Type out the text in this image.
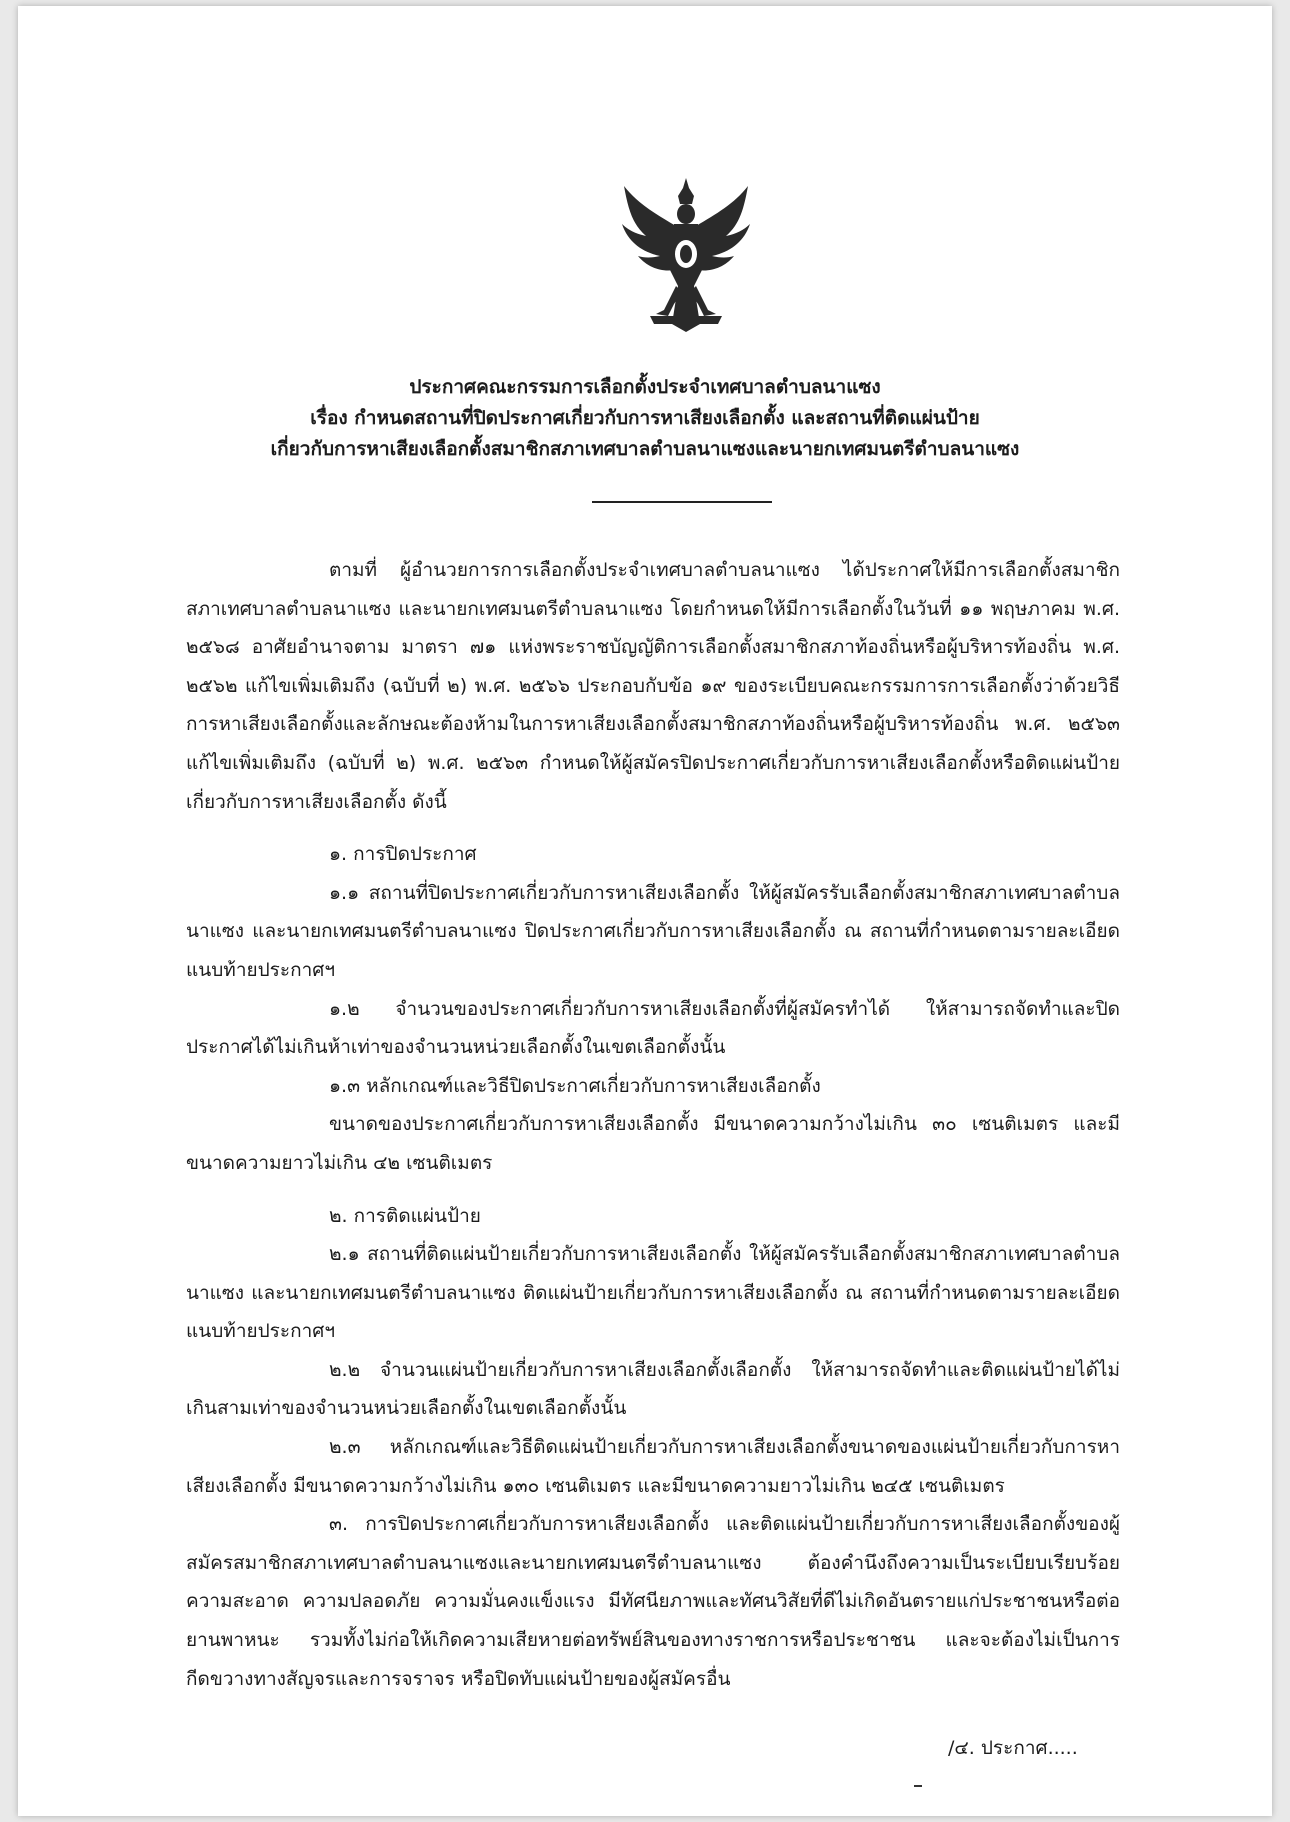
ประกาศคณะกรรมการเลือกตั้งประจำเทศบาลตำบลนาแซง
เรื่อง กำหนดสถานที่ปิดประกาศเกี่ยวกับการหาเสียงเลือกตั้ง และสถานที่ติดแผ่นป้าย
เกี่ยวกับการหาเสียงเลือกตั้งสมาชิกสภาเทศบาลตำบลนาแซงและนายกเทศมนตรีตำบลนาแซง

ตามที่ ผู้อำนวยการการเลือกตั้งประจำเทศบาลตำบลนาแซง ได้ประกาศให้มีการเลือกตั้งสมาชิกสภาเทศบาลตำบลนาแซง และนายกเทศมนตรีตำบลนาแซง โดยกำหนดให้มีการเลือกตั้งในวันที่ ๑๑ พฤษภาคม พ.ศ. ๒๕๖๘ อาศัยอำนาจตาม มาตรา ๗๑ แห่งพระราชบัญญัติการเลือกตั้งสมาชิกสภาท้องถิ่นหรือผู้บริหารท้องถิ่น พ.ศ. ๒๕๖๒ แก้ไขเพิ่มเติมถึง (ฉบับที่ ๒) พ.ศ. ๒๕๖๖ ประกอบกับข้อ ๑๙ ของระเบียบคณะกรรมการการเลือกตั้งว่าด้วยวิธีการหาเสียงเลือกตั้งและลักษณะต้องห้ามในการหาเสียงเลือกตั้งสมาชิกสภาท้องถิ่นหรือผู้บริหารท้องถิ่น พ.ศ. ๒๕๖๓ แก้ไขเพิ่มเติมถึง (ฉบับที่ ๒) พ.ศ. ๒๕๖๓ กำหนดให้ผู้สมัครปิดประกาศเกี่ยวกับการหาเสียงเลือกตั้งหรือติดแผ่นป้ายเกี่ยวกับการหาเสียงเลือกตั้ง ดังนี้

๑. การปิดประกาศ

๑.๑ สถานที่ปิดประกาศเกี่ยวกับการหาเสียงเลือกตั้ง ให้ผู้สมัครรับเลือกตั้งสมาชิกสภาเทศบาลตำบลนาแซง และนายกเทศมนตรีตำบลนาแซง ปิดประกาศเกี่ยวกับการหาเสียงเลือกตั้ง ณ สถานที่กำหนดตามรายละเอียด แนบท้ายประกาศฯ

๑.๒ จำนวนของประกาศเกี่ยวกับการหาเสียงเลือกตั้งที่ผู้สมัครทำได้ ให้สามารถจัดทำและปิดประกาศได้ไม่เกินห้าเท่าของจำนวนหน่วยเลือกตั้งในเขตเลือกตั้งนั้น

๑.๓ หลักเกณฑ์และวิธีปิดประกาศเกี่ยวกับการหาเสียงเลือกตั้ง

ขนาดของประกาศเกี่ยวกับการหาเสียงเลือกตั้ง มีขนาดความกว้างไม่เกิน ๓๐ เซนติเมตร และมีขนาดความยาวไม่เกิน ๔๒ เซนติเมตร

๒. การติดแผ่นป้าย

๒.๑ สถานที่ติดแผ่นป้ายเกี่ยวกับการหาเสียงเลือกตั้ง ให้ผู้สมัครรับเลือกตั้งสมาชิกสภาเทศบาลตำบลนาแซง และนายกเทศมนตรีตำบลนาแซง ติดแผ่นป้ายเกี่ยวกับการหาเสียงเลือกตั้ง ณ สถานที่กำหนดตามรายละเอียด แนบท้ายประกาศฯ

๒.๒ จำนวนแผ่นป้ายเกี่ยวกับการหาเสียงเลือกตั้งเลือกตั้ง ให้สามารถจัดทำและติดแผ่นป้ายได้ไม่เกินสามเท่าของจำนวนหน่วยเลือกตั้งในเขตเลือกตั้งนั้น

๒.๓ หลักเกณฑ์และวิธีติดแผ่นป้ายเกี่ยวกับการหาเสียงเลือกตั้งขนาดของแผ่นป้ายเกี่ยวกับการหาเสียงเลือกตั้ง มีขนาดความกว้างไม่เกิน ๑๓๐ เซนติเมตร และมีขนาดความยาวไม่เกิน ๒๔๕ เซนติเมตร

๓. การปิดประกาศเกี่ยวกับการหาเสียงเลือกตั้ง และติดแผ่นป้ายเกี่ยวกับการหาเสียงเลือกตั้งของผู้สมัครสมาชิกสภาเทศบาลตำบลนาแซงและนายกเทศมนตรีตำบลนาแซง ต้องคำนึงถึงความเป็นระเบียบเรียบร้อย ความสะอาด ความปลอดภัย ความมั่นคงแข็งแรง มีทัศนียภาพและทัศนวิสัยที่ดีไม่เกิดอันตรายแก่ประชาชนหรือต่อยานพาหนะ รวมทั้งไม่ก่อให้เกิดความเสียหายต่อทรัพย์สินของทางราชการหรือประชาชน และจะต้องไม่เป็นการกีดขวางทางสัญจรและการจราจร หรือปิดทับแผ่นป้ายของผู้สมัครอื่น

/๔. ประกาศ.....
